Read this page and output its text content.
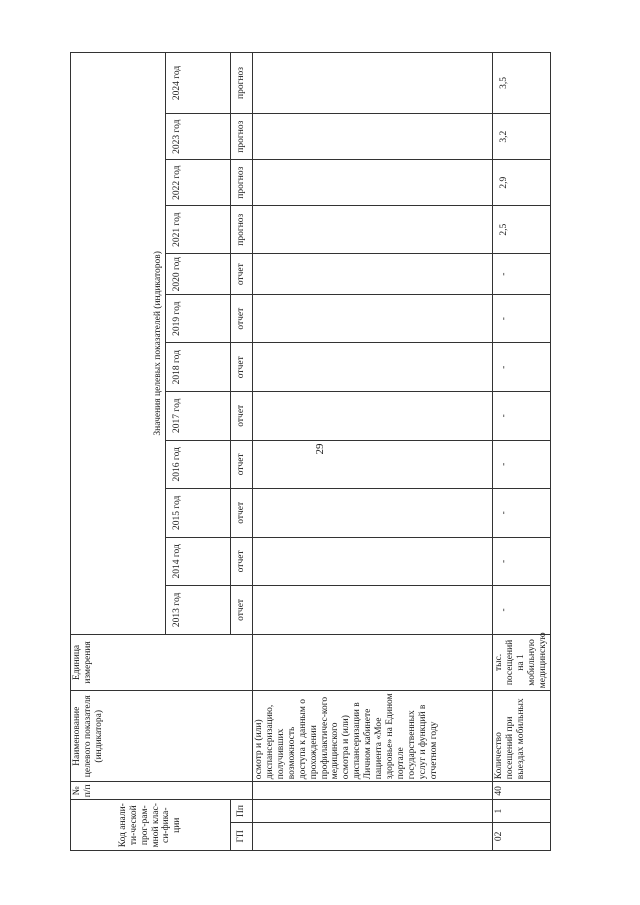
29
Код анали-ти-ческой прог-рам-мной клас-си-фика-ции		№ п/п	Наименование целевого показателя (индикатора)	Единица измерения	Значения целевых показателей (индикаторов)											
					2013 год	2014 год	2015 год	2016 год	2017 год	2018 год	2019 год	2020 год	2021 год	2022 год	2023 год	2024 год
ГП	Пп				отчет	отчет	отчет	отчет	отчет	отчет	отчет	отчет	прогноз	прогноз	прогноз	прогноз
			осмотр и (или) диспансеризацию, получивших возможность доступа к данным о прохождении профилактичес-кого медицинского осмотра и (или) диспансеризации в Личном кабинете пациента «Мое здоровье» на Едином портале государственных услуг и функций в отчетном году													
02	1	40	Количество посещений при выездах мобильных	тыс. посещений на 1 мобильную медицинскую	-	-	-	-	-	-	-	-	2,5	2,9	3,2	3,5
